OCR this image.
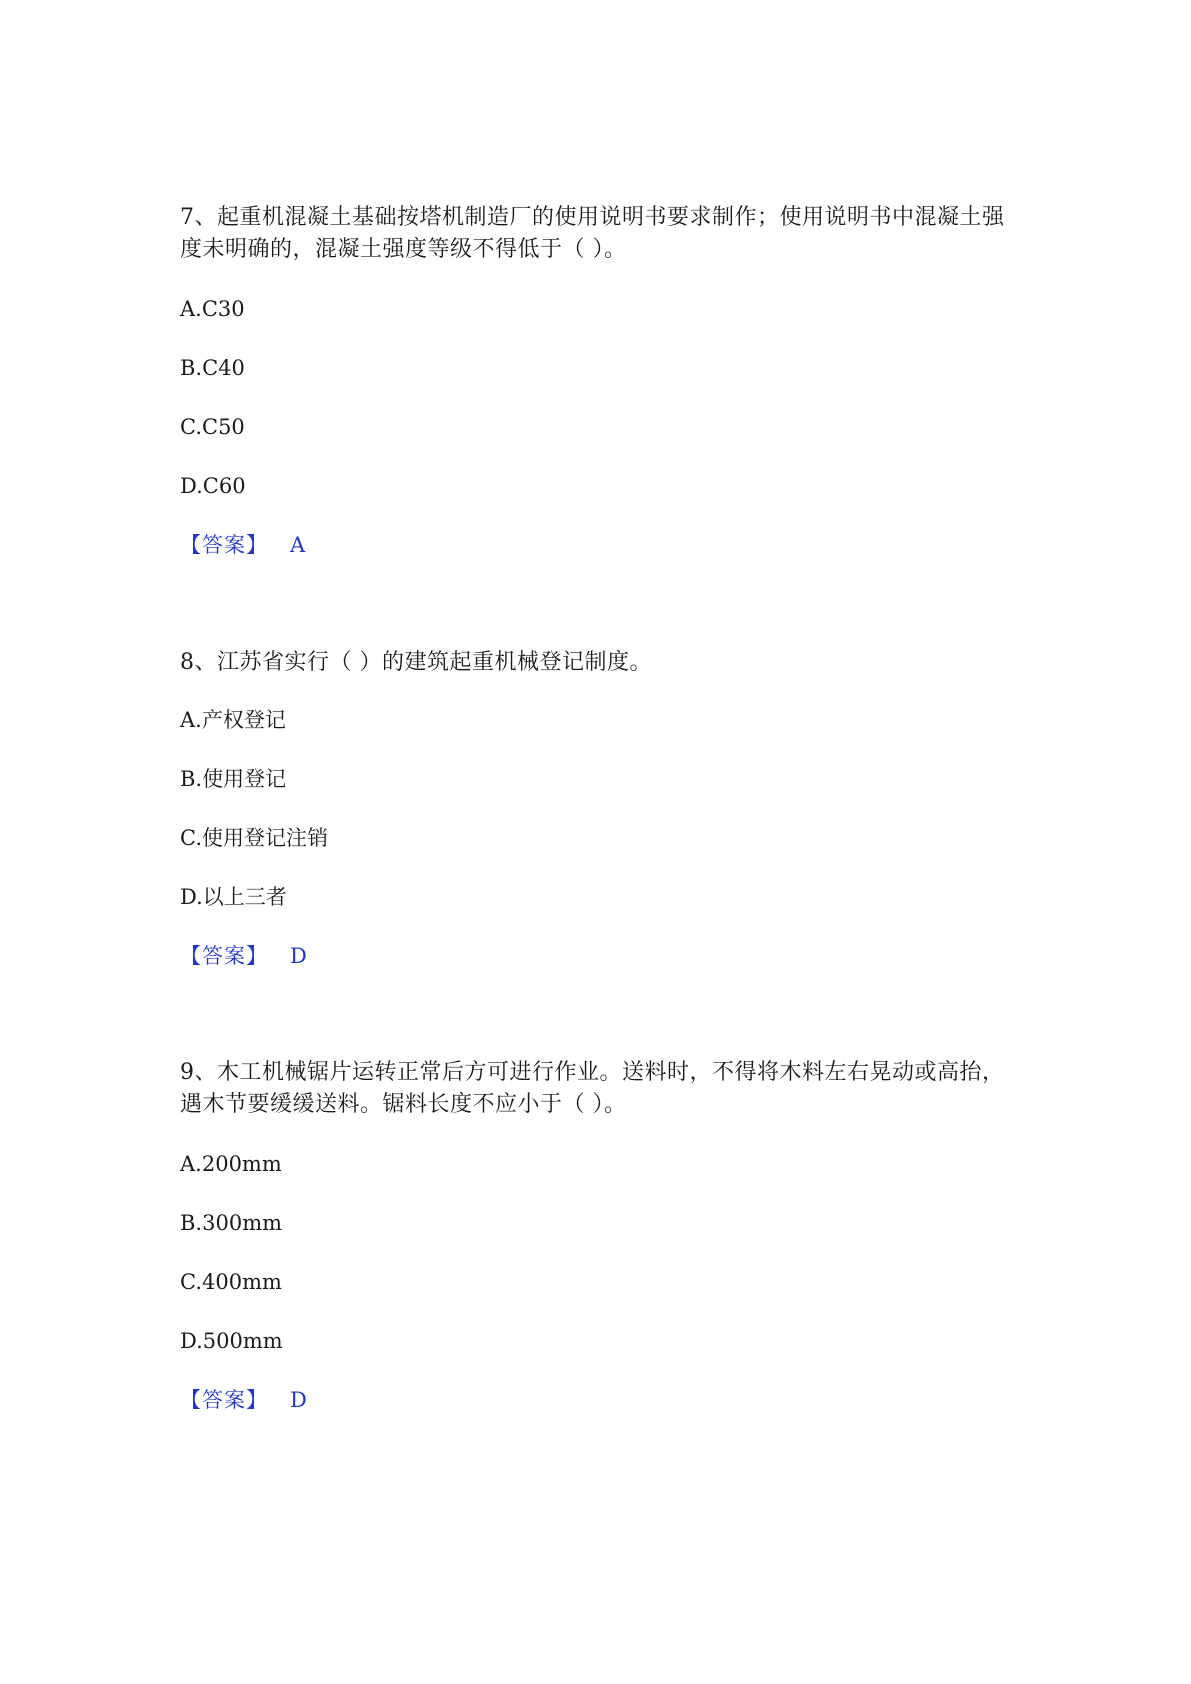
7、起重机混凝土基础按塔机制造厂的使用说明书要求制作；使用说明书中混凝土强度未明确的，混凝土强度等级不得低于（ ）。

A.C30

B.C40

C.C50

D.C60

【答案】 A

8、江苏省实行（ ）的建筑起重机械登记制度。

A.产权登记

B.使用登记

C.使用登记注销

D.以上三者

【答案】 D

9、木工机械锯片运转正常后方可进行作业。送料时，不得将木料左右晃动或高抬，遇木节要缓缓送料。锯料长度不应小于（ ）。

A.200mm

B.300mm

C.400mm

D.500mm

【答案】 D
